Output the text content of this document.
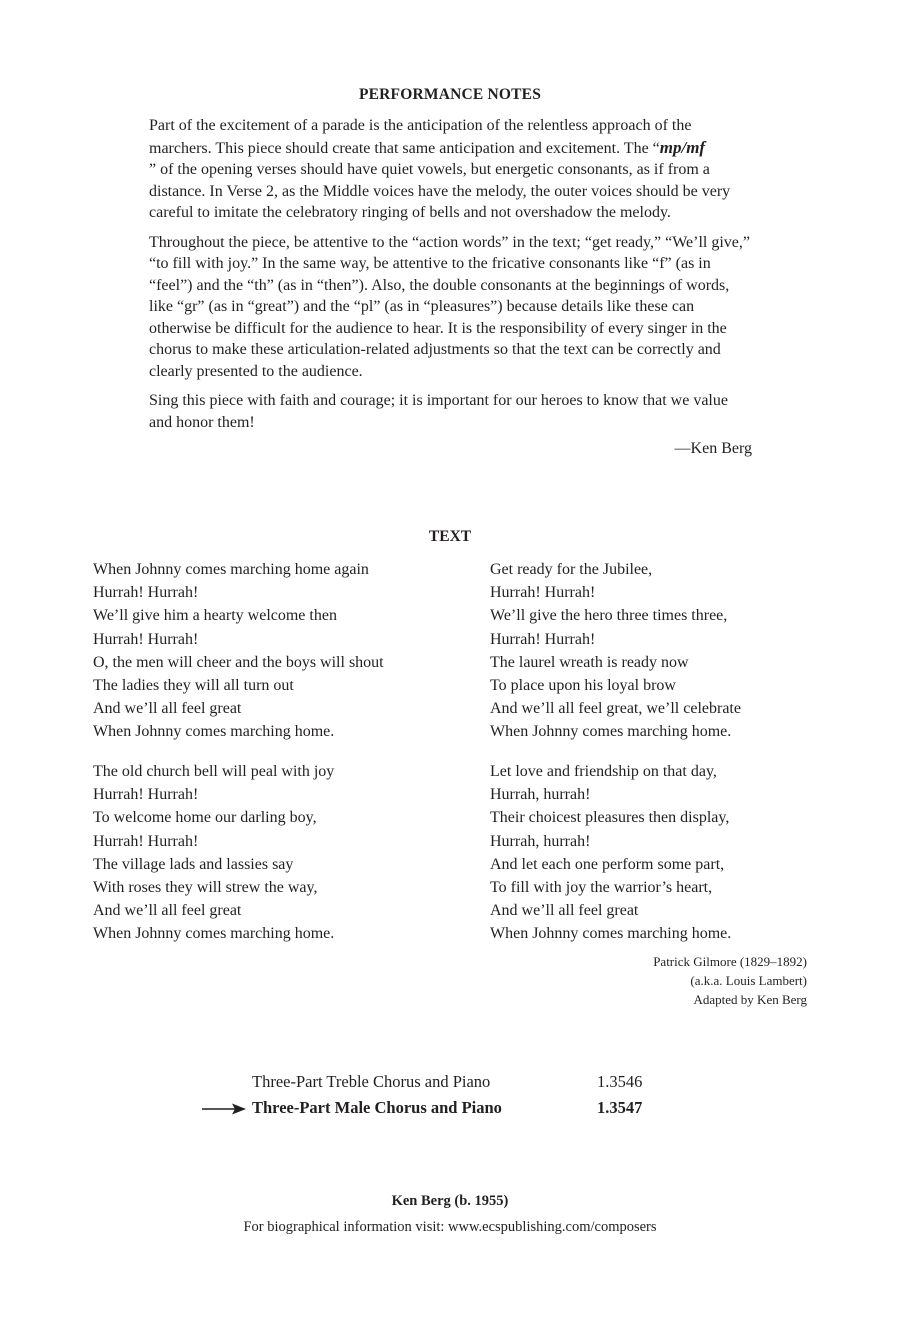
PERFORMANCE NOTES

Part of the excitement of a parade is the anticipation of the relentless approach of the marchers. This piece should create that same anticipation and excitement. The “mp/mf
” of the opening verses should have quiet vowels, but energetic consonants, as if from a distance. In Verse 2, as the Middle voices have the melody, the outer voices should be very careful to imitate the celebratory ringing of bells and not overshadow the melody.

Throughout the piece, be attentive to the “action words” in the text; “get ready,” “We’ll give,” “to fill with joy.” In the same way, be attentive to the fricative consonants like “f” (as in “feel”) and the “th” (as in “then”). Also, the double consonants at the beginnings of words, like “gr” (as in “great”) and the “pl” (as in “pleasures”) because details like these can otherwise be difficult for the audience to hear. It is the responsibility of every singer in the chorus to make these articulation-related adjustments so that the text can be correctly and clearly presented to the audience.

Sing this piece with faith and courage; it is important for our heroes to know that we value and honor them!

—Ken Berg
TEXT
When Johnny comes marching home again
Hurrah! Hurrah!
We’ll give him a hearty welcome then
Hurrah! Hurrah!
O, the men will cheer and the boys will shout
The ladies they will all turn out
And we’ll all feel great
When Johnny comes marching home.
The old church bell will peal with joy
Hurrah! Hurrah!
To welcome home our darling boy,
Hurrah! Hurrah!
The village lads and lassies say
With roses they will strew the way,
And we’ll all feel great
When Johnny comes marching home.
Get ready for the Jubilee,
Hurrah! Hurrah!
We’ll give the hero three times three,
Hurrah! Hurrah!
The laurel wreath is ready now
To place upon his loyal brow
And we’ll all feel great, we’ll celebrate
When Johnny comes marching home.
Let love and friendship on that day,
Hurrah, hurrah!
Their choicest pleasures then display,
Hurrah, hurrah!
And let each one perform some part,
To fill with joy the warrior’s heart,
And we’ll all feel great
When Johnny comes marching home.
Patrick Gilmore (1829–1892)
(a.k.a. Louis Lambert)
Adapted by Ken Berg
Three-Part Treble Chorus and Piano	1.3546
Three-Part Male Chorus and Piano	1.3547
Ken Berg (b. 1955)
For biographical information visit: www.ecspublishing.com/composers
